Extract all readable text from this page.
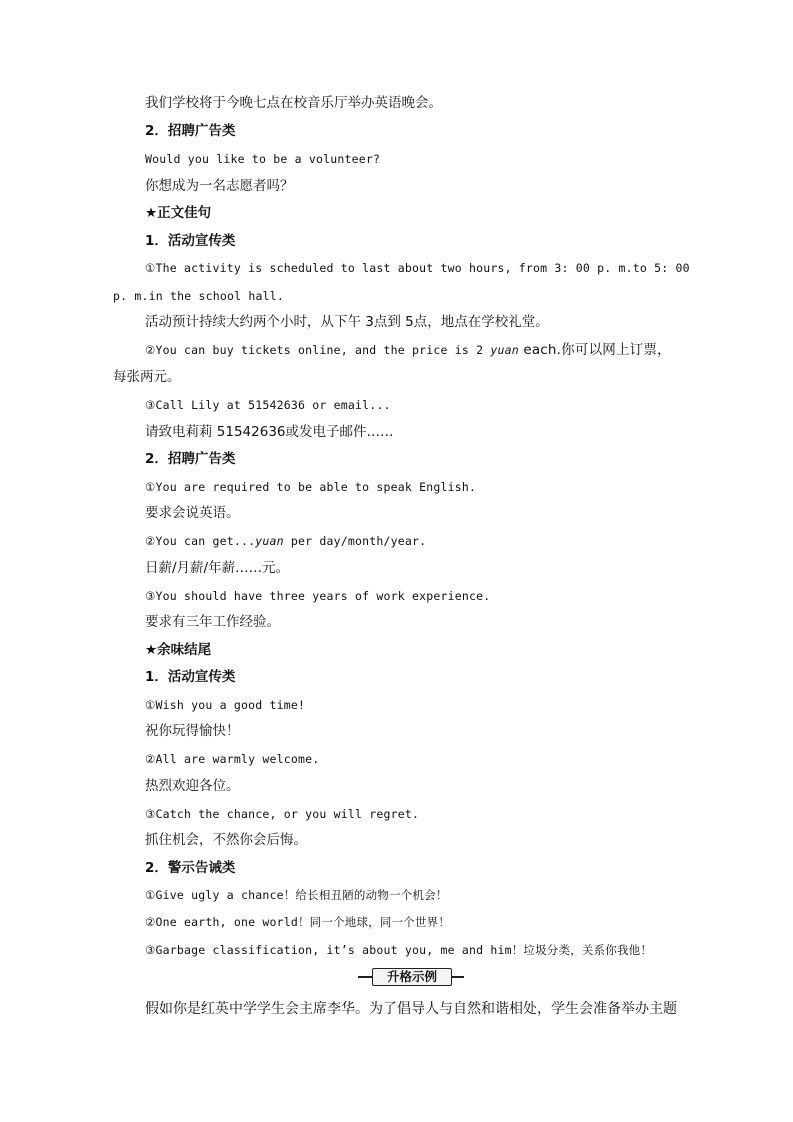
我们学校将于今晚七点在校音乐厅举办英语晚会。
2．招聘广告类
Would you like to be a volunteer?
你想成为一名志愿者吗？
★正文佳句
1．活动宣传类
①The activity is scheduled to last about two hours, from 3: 00 p. m.to 5: 00
p. m.in the school hall.
活动预计持续大约两个小时，从下午 3点到 5点，地点在学校礼堂。
②You can buy tickets online, and the price is 2 yuan each.你可以网上订票，
每张两元。
③Call Lily at 51542636 or email...
请致电莉莉 51542636或发电子邮件……
2．招聘广告类
①You are required to be able to speak English.
要求会说英语。
②You can get...yuan per day/month/year.
日薪/月薪/年薪……元。
③You should have three years of work experience.
要求有三年工作经验。
★余味结尾
1．活动宣传类
①Wish you a good time!
祝你玩得愉快！
②All are warmly welcome.
热烈欢迎各位。
③Catch the chance, or you will regret.
抓住机会，不然你会后悔。
2．警示告诫类
①Give ugly a chance！给长相丑陋的动物一个机会！
②One earth, one world！同一个地球，同一个世界！
③Garbage classification, it’s about you, me and him！垃圾分类，关系你我他！
升格示例
假如你是红英中学学生会主席李华。为了倡导人与自然和谐相处，学生会准备举办主题
